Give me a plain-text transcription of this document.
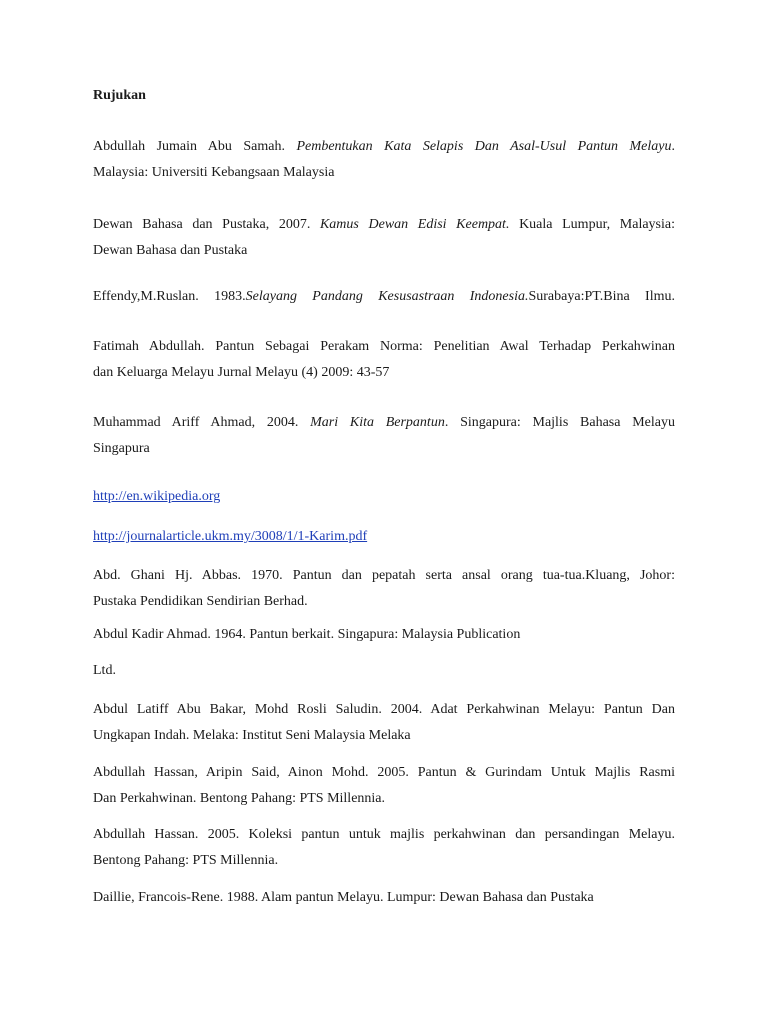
Rujukan
Abdullah Jumain Abu Samah. Pembentukan Kata Selapis Dan Asal-Usul Pantun Melayu.
Malaysia: Universiti Kebangsaan Malaysia
Dewan Bahasa dan Pustaka, 2007. Kamus Dewan Edisi Keempat. Kuala Lumpur, Malaysia:
Dewan Bahasa dan Pustaka
Effendy,M.Ruslan. 1983.Selayang Pandang Kesusastraan Indonesia.Surabaya:PT.Bina Ilmu.
Fatimah Abdullah. Pantun Sebagai Perakam Norma: Penelitian Awal Terhadap Perkahwinan
dan Keluarga Melayu Jurnal Melayu (4) 2009: 43-57
Muhammad Ariff Ahmad, 2004. Mari Kita Berpantun. Singapura: Majlis Bahasa Melayu
Singapura
http://en.wikipedia.org
http://journalarticle.ukm.my/3008/1/1-Karim.pdf
Abd. Ghani Hj. Abbas. 1970. Pantun dan pepatah serta ansal orang tua-tua.Kluang, Johor:
Pustaka Pendidikan Sendirian Berhad.
Abdul Kadir Ahmad. 1964. Pantun berkait. Singapura: Malaysia Publication
Ltd.
Abdul Latiff Abu Bakar, Mohd Rosli Saludin. 2004. Adat Perkahwinan Melayu: Pantun Dan
Ungkapan Indah. Melaka: Institut Seni Malaysia Melaka
Abdullah Hassan, Aripin Said, Ainon Mohd. 2005. Pantun & Gurindam Untuk Majlis Rasmi
Dan Perkahwinan. Bentong Pahang: PTS Millennia.
Abdullah Hassan. 2005. Koleksi pantun untuk majlis perkahwinan dan persandingan Melayu.
Bentong Pahang: PTS Millennia.
Daillie, Francois-Rene. 1988. Alam pantun Melayu. Lumpur: Dewan Bahasa dan Pustaka
